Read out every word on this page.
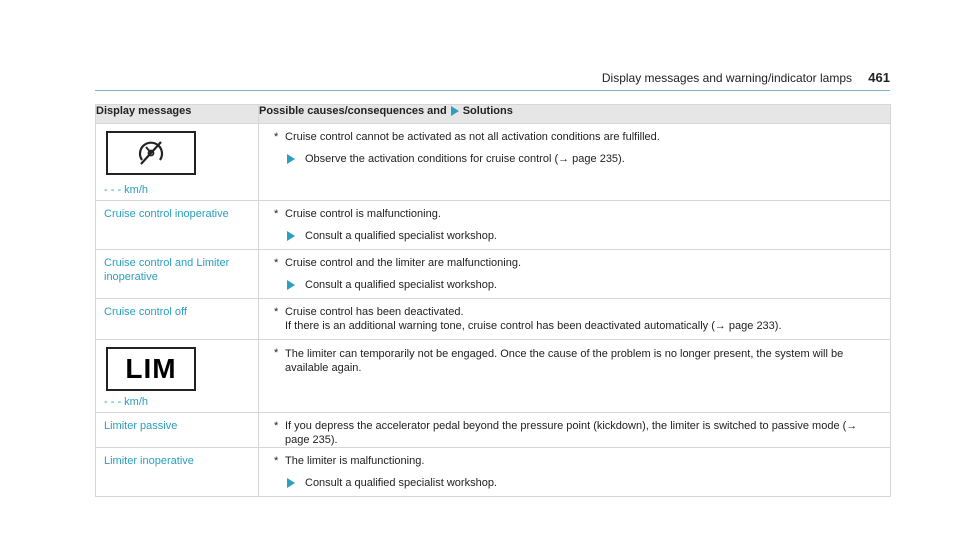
Display messages and warning/indicator lamps 461
Display messages	Possible causes/consequences and Solutions

- - - km/h	* Cruise control cannot be activated as not all activation conditions are fulfilled.
Observe the activation conditions for cruise control (→ page 235).

Cruise control inoperative	* Cruise control is malfunctioning.
Consult a qualified specialist workshop.

Cruise control and Limiter inoperative	* Cruise control and the limiter are malfunctioning.
Consult a qualified specialist workshop.

Cruise control off	* Cruise control has been deactivated.
If there is an additional warning tone, cruise control has been deactivated automatically (→ page 233).

LIM
- - - km/h	* The limiter can temporarily not be engaged. Once the cause of the problem is no longer present, the system will be available again.

Limiter passive	* If you depress the accelerator pedal beyond the pressure point (kickdown), the limiter is switched to passive mode (→ page 235).

Limiter inoperative	* The limiter is malfunctioning.
Consult a qualified specialist workshop.
